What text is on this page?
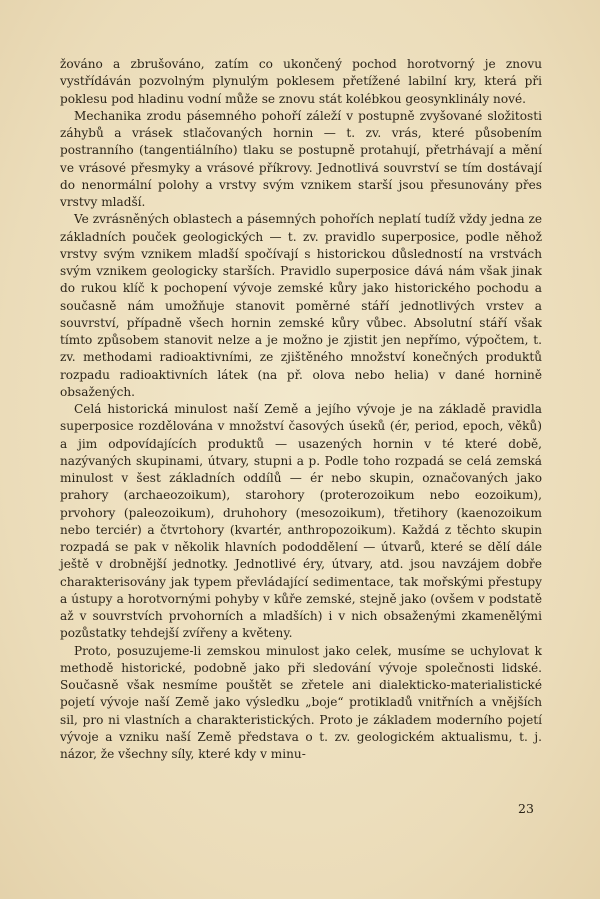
žováno a zbrušováno, zatím co ukončený pochod horotvorný je znovu vystřídáván pozvolným plynulým poklesem přetížené labilní kry, která při poklesu pod hladinu vodní může se znovu stát kolébkou geosynklinály nové.

Mechanika zrodu pásemného pohoří záleží v postupně zvyšované složitosti záhybů a vrásek stlačovaných hornin — t. zv. vrás, které působením postranního (tangentiálního) tlaku se postupně protahují, přetrhávají a mění ve vrásové přesmyky a vrásové příkrovy. Jednotlivá souvrství se tím dostávají do nenormální polohy a vrstvy svým vznikem starší jsou přesunovány přes vrstvy mladší.

Ve zvrásněných oblastech a pásemných pohořích neplatí tudíž vždy jedna ze základních pouček geologických — t. zv. pravidlo superposice, podle něhož vrstvy svým vznikem mladší spočívají s historickou důsledností na vrstvách svým vznikem geologicky starších. Pravidlo superposice dává nám však jinak do rukou klíč k pochopení vývoje zemské kůry jako historického pochodu a současně nám umožňuje stanovit poměrné stáří jednotlivých vrstev a souvrství, případně všech hornin zemské kůry vůbec. Absolutní stáří však tímto způsobem stanovit nelze a je možno je zjistit jen nepřímo, výpočtem, t. zv. methodami radioaktivními, ze zjištěného množství konečných produktů rozpadu radioaktivních látek (na př. olova nebo helia) v dané hornině obsažených.

Celá historická minulost naší Země a jejího vývoje je na základě pravidla superposice rozdělována v množství časových úseků (ér, period, epoch, věků) a jim odpovídajících produktů — usazených hornin v té které době, nazývaných skupinami, útvary, stupni a p. Podle toho rozpadá se celá zemská minulost v šest základních oddílů — ér nebo skupin, označovaných jako prahory (archaeozoikum), starohory (proterozoikum nebo eozoikum), prvohory (paleozoikum), druhohory (mesozoikum), třetihory (kaenozoikum nebo terciér) a čtvrtohory (kvartér, anthropozoikum). Každá z těchto skupin rozpadá se pak v několik hlavních pododdělení — útvarů, které se dělí dále ještě v drobnější jednotky. Jednotlivé éry, útvary, atd. jsou navzájem dobře charakterisovány jak typem převládající sedimentace, tak mořskými přestupy a ústupy a horotvornými pohyby v kůře zemské, stejně jako (ovšem v podstatě až v souvrstvích prvohorních a mladších) i v nich obsaženými zkamenělými pozůstatky tehdejší zvířeny a květeny.

Proto, posuzujeme-li zemskou minulost jako celek, musíme se uchylovat k methodě historické, podobně jako při sledování vývoje společnosti lidské. Současně však nesmíme pouštět se zřetele ani dialekticko-materialistické pojetí vývoje naší Země jako výsledku „boje“ protikladů vnitřních a vnějších sil, pro ni vlastních a charakteristických. Proto je základem moderního pojetí vývoje a vzniku naší Země představa o t. zv. geologickém aktualismu, t. j. názor, že všechny síly, které kdy v minu-

23
